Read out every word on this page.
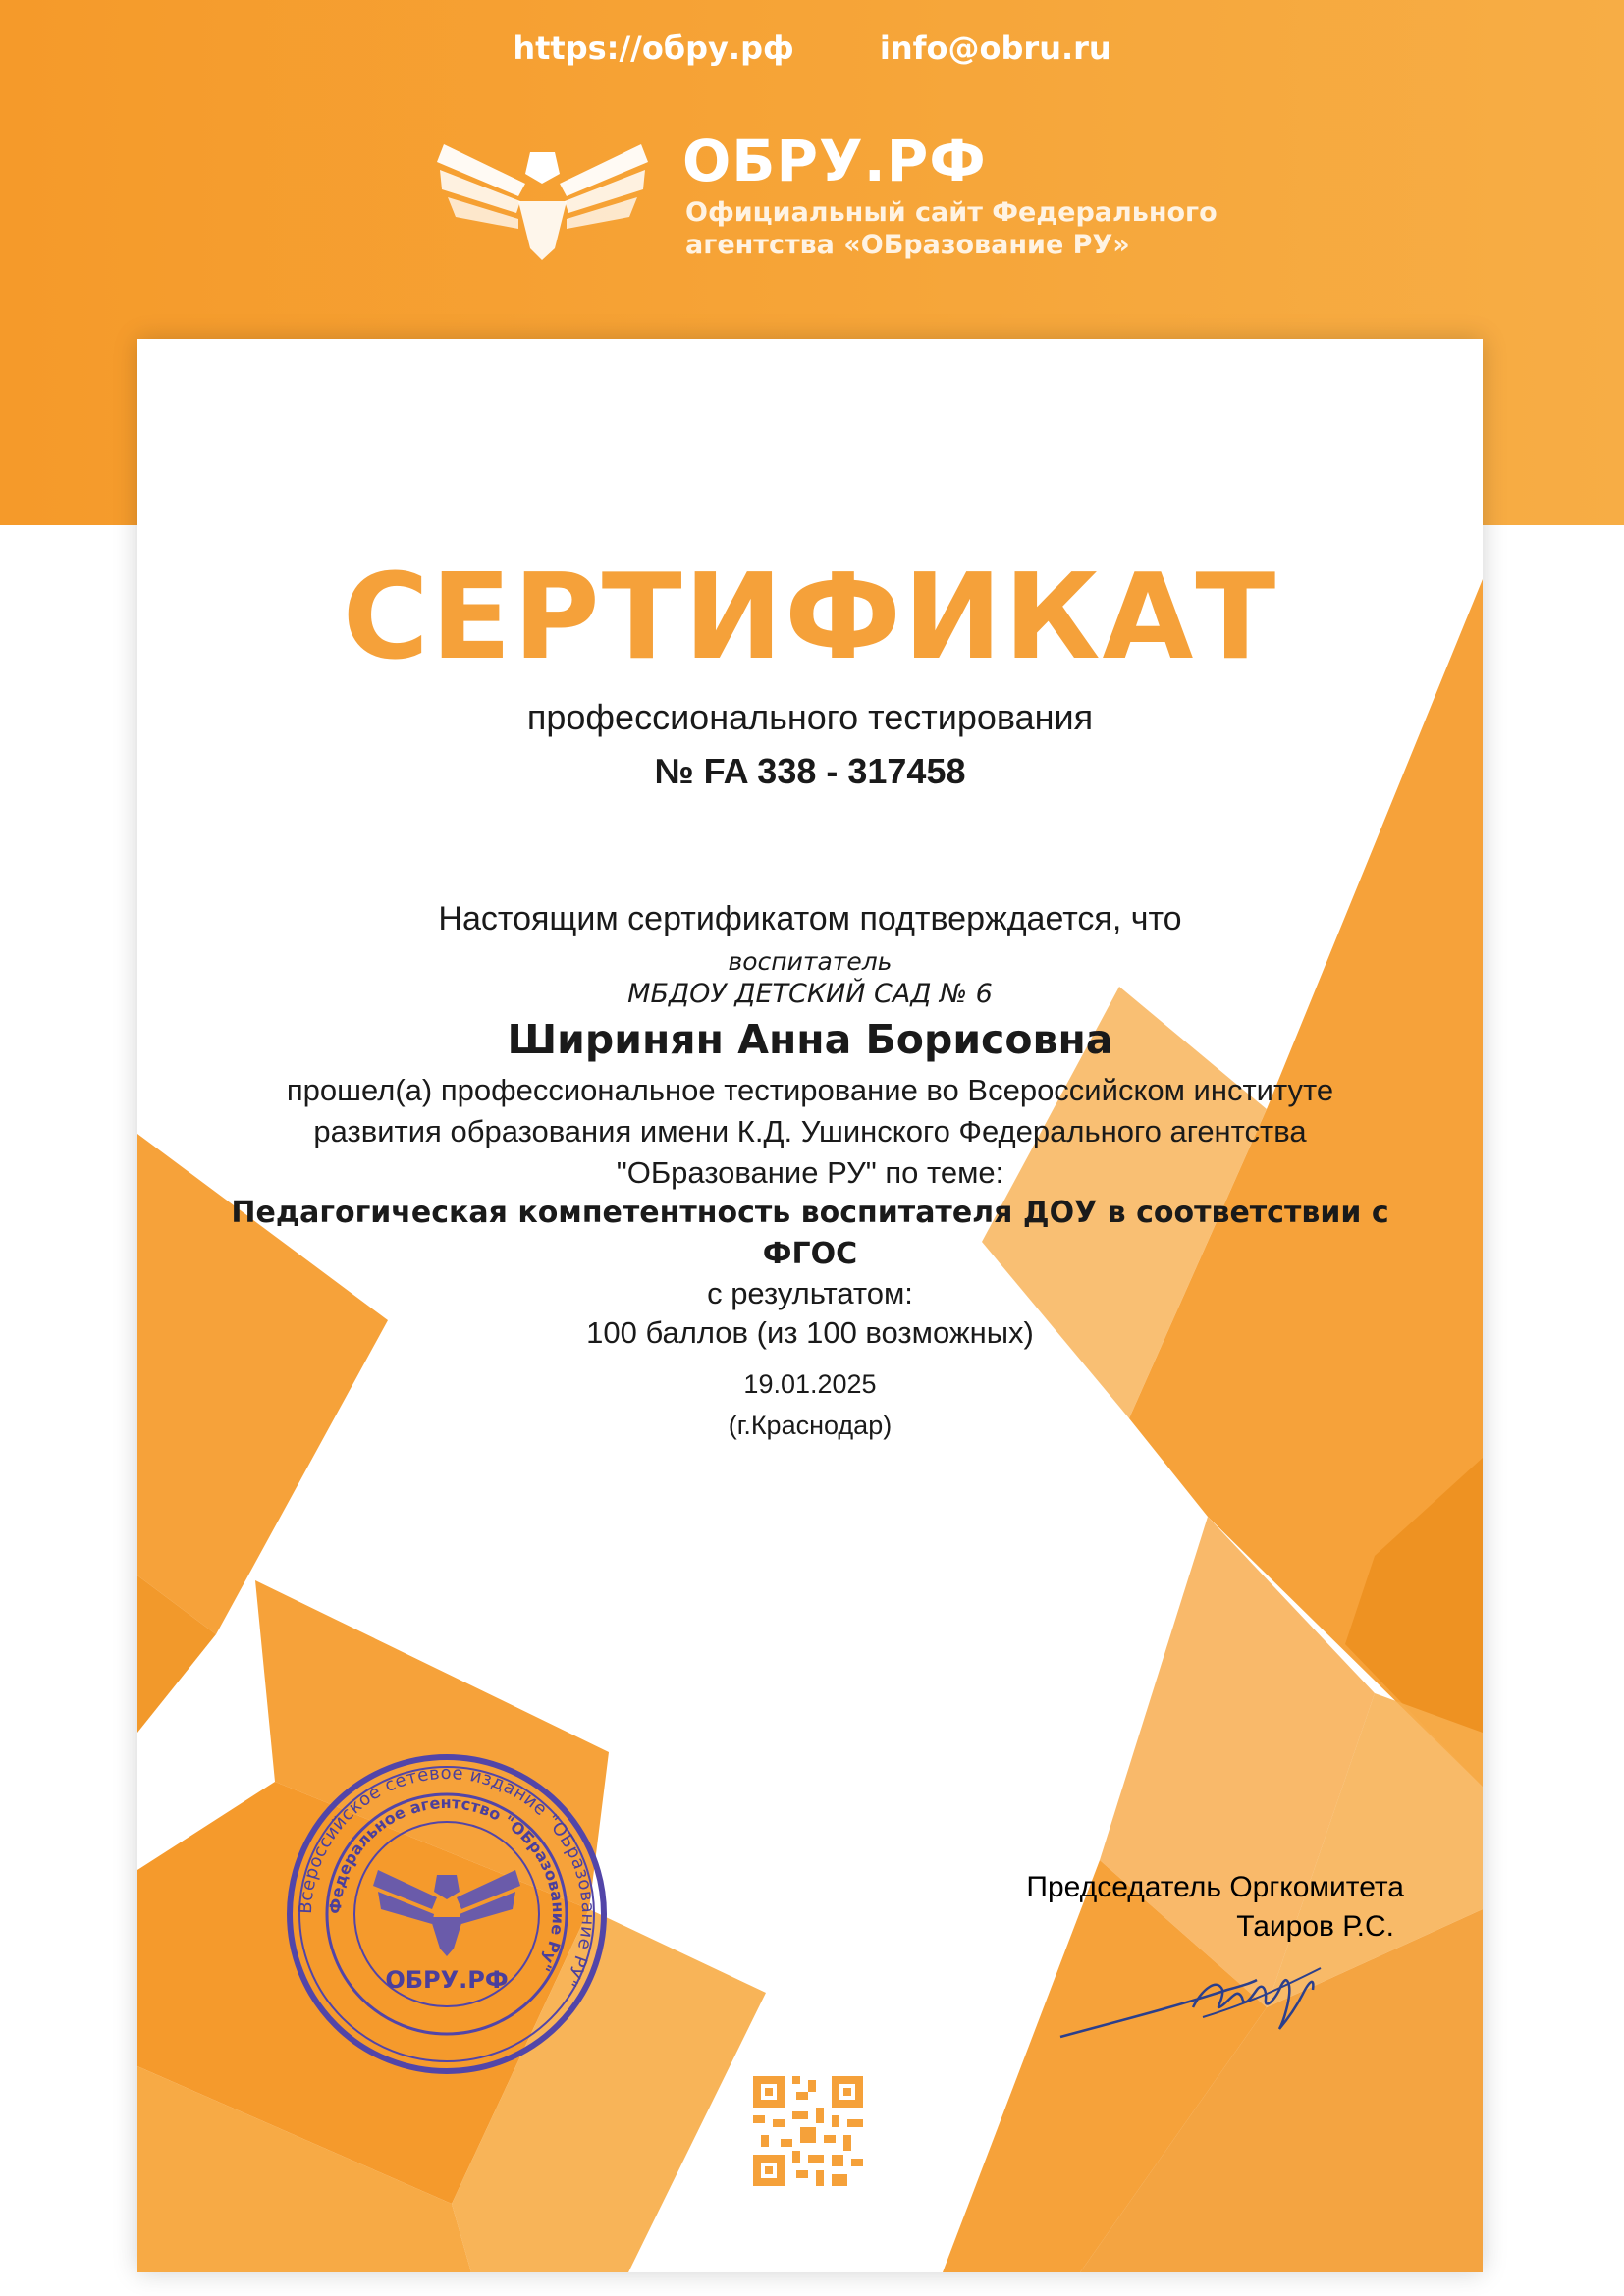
https://обру.рф	info@obru.ru
ОБРУ.РФ
Официальный сайт Федерального
агентства «ОБразование РУ»
СЕРТИФИКАТ
профессионального тестирования
№ FA 338 - 317458
Настоящим сертификатом подтверждается, что
воспитатель
МБДОУ ДЕТСКИЙ САД № 6
Ширинян Анна Борисовна
прошел(а) профессиональное тестирование во Всероссийском институте
развития образования имени К.Д. Ушинского Федерального агентства
"ОБразование РУ" по теме:
Педагогическая компетентность воспитателя ДОУ в соответствии с
ФГОС
с результатом:
100 баллов (из 100 возможных)
19.01.2025
(г.Краснодар)
Председатель Оргкомитета
Таиров Р.С.
Всероссийское сетевое издание "ОБразование РУ"
Федеральное агентство "ОБразование Ру"
ОБРУ.РФ
